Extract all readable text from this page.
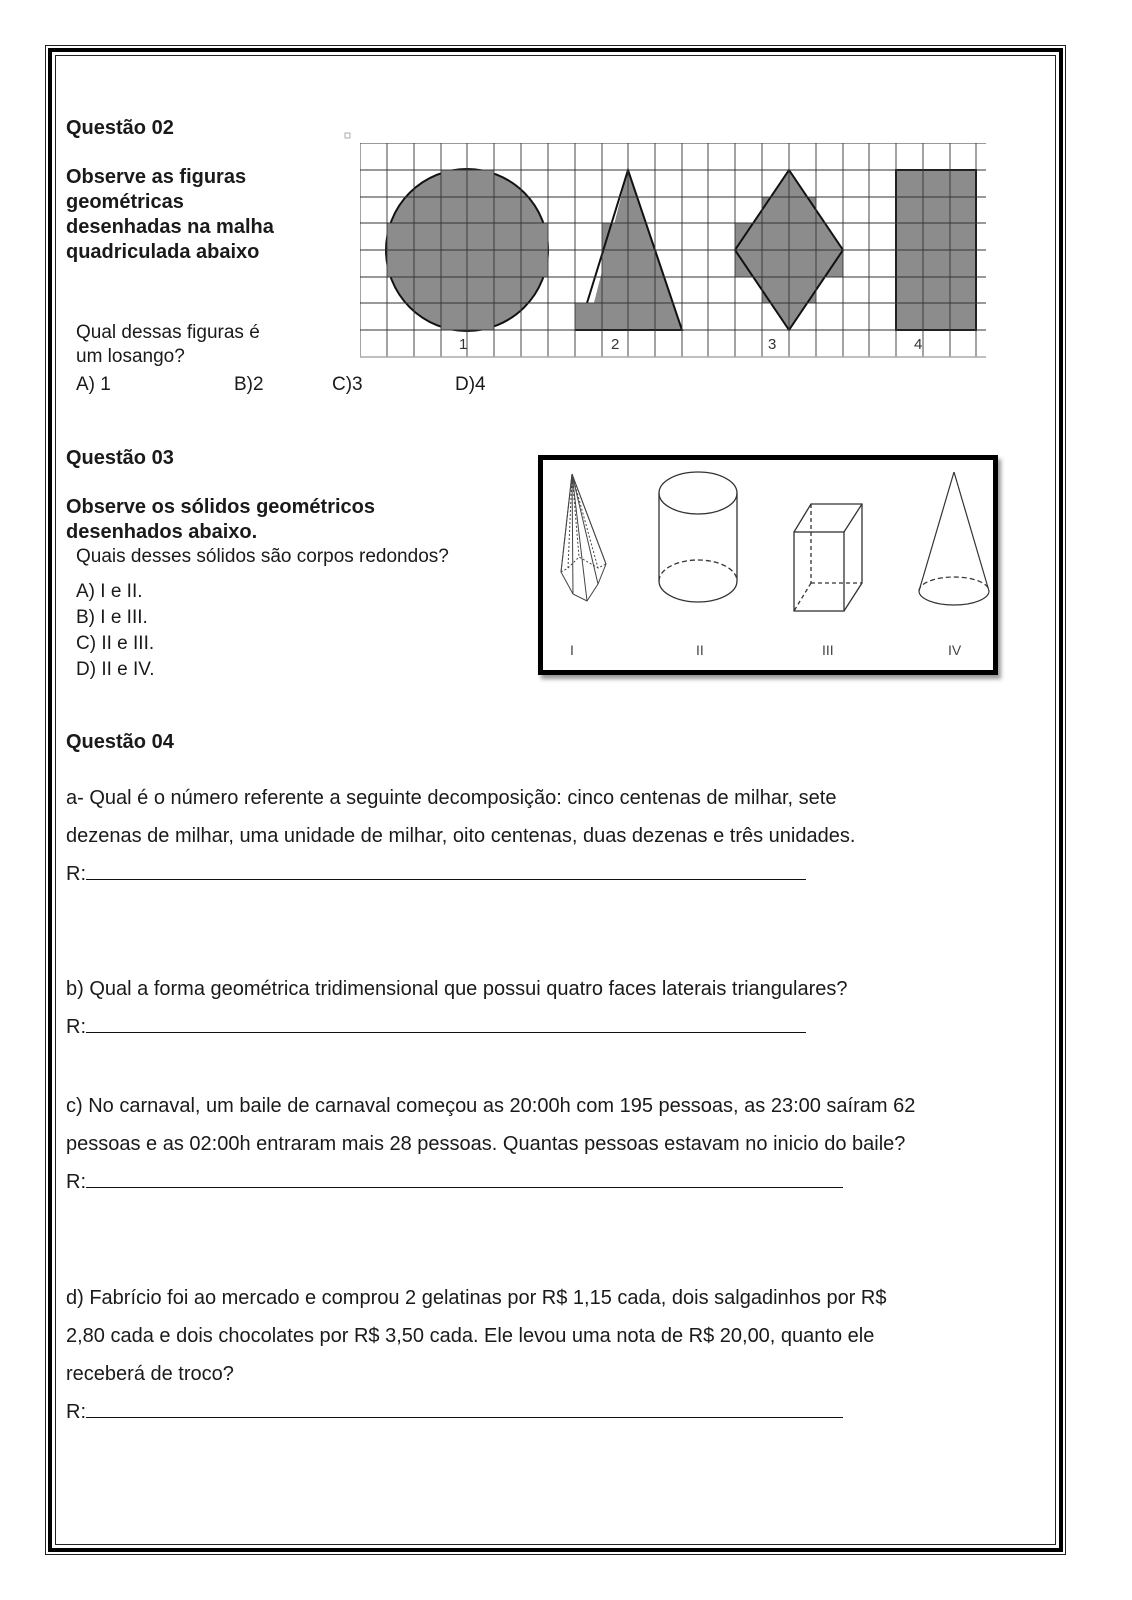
Questão 02
Observe as figuras
geométricas
desenhadas na malha
quadriculada abaixo
Qual dessas figuras é
um losango?
A) 1	B)2	C)3	D)4
1	2	3	4
Questão 03
Observe os sólidos geométricos
desenhados abaixo.
Quais desses sólidos são corpos redondos?
A) I e II.
B) I e III.
C) II e III.
D) II e IV.
I	II	III	IV
Questão 04
a- Qual é o número referente a seguinte decomposição: cinco centenas de milhar, sete
dezenas de milhar, uma unidade de milhar, oito centenas, duas dezenas e três unidades.
R:
b) Qual a forma geométrica tridimensional que possui quatro faces laterais triangulares?
R:
c) No carnaval, um baile de carnaval começou as 20:00h com 195 pessoas, as 23:00 saíram 62
pessoas e as 02:00h entraram mais 28 pessoas. Quantas pessoas estavam no inicio do baile?
R:
d) Fabrício foi ao mercado e comprou 2 gelatinas por R$ 1,15 cada, dois salgadinhos por R$
2,80 cada e dois chocolates por R$ 3,50 cada. Ele levou uma nota de R$ 20,00, quanto ele
receberá de troco?
R:
